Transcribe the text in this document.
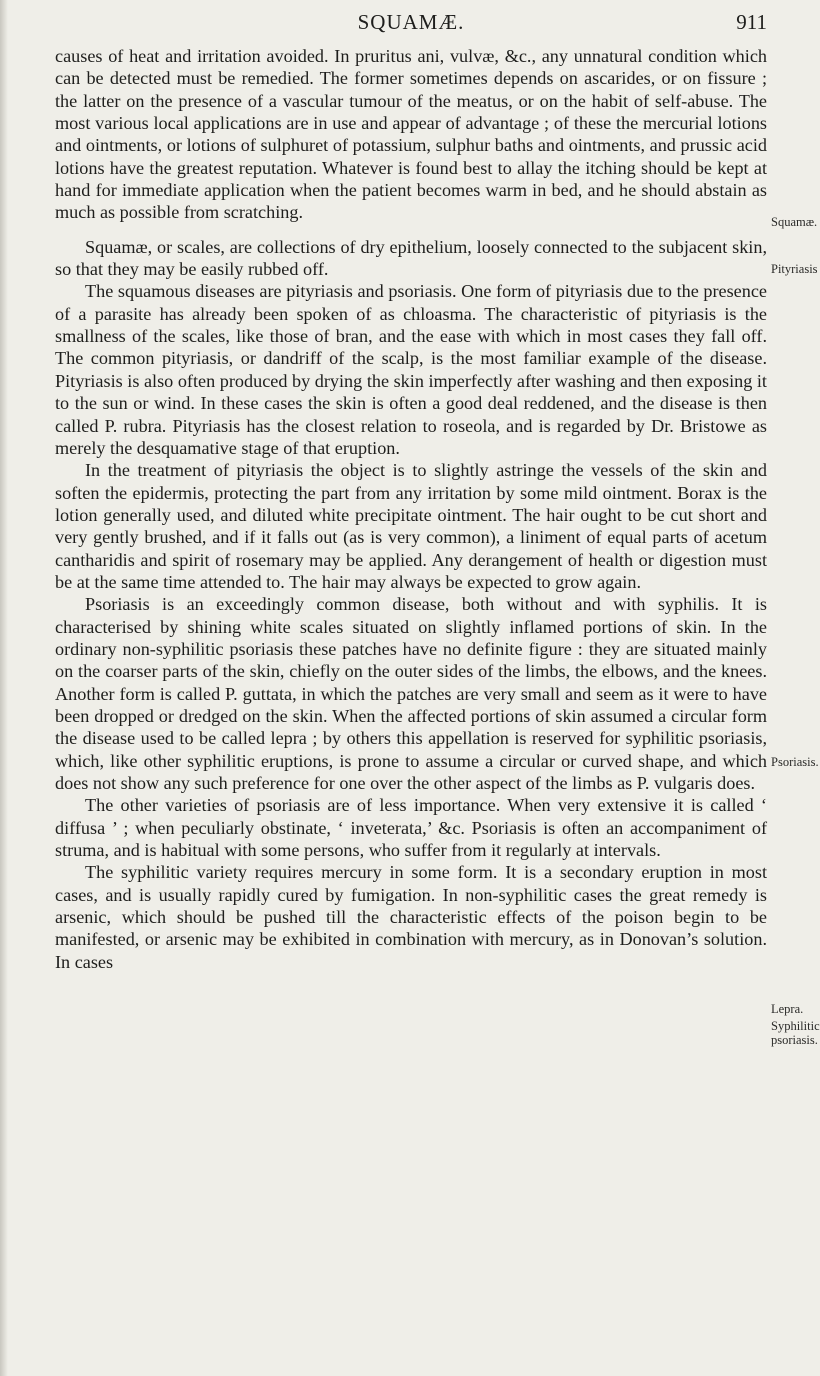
SQUAMÆ.	911

causes of heat and irritation avoided. In pruritus ani, vulvæ, &c., any unnatural condition which can be detected must be remedied. The former sometimes depends on ascarides, or on fissure ; the latter on the presence of a vascular tumour of the meatus, or on the habit of self-abuse. The most various local applications are in use and appear of advantage ; of these the mercurial lotions and ointments, or lotions of sulphuret of potassium, sulphur baths and ointments, and prussic acid lotions have the greatest reputation. Whatever is found best to allay the itching should be kept at hand for immediate application when the patient becomes warm in bed, and he should abstain as much as possible from scratching.

Squamæ, or scales, are collections of dry epithelium, loosely connected to the subjacent skin, so that they may be easily rubbed off.

The squamous diseases are pityriasis and psoriasis. One form of pityriasis due to the presence of a parasite has already been spoken of as chloasma. The characteristic of pityriasis is the smallness of the scales, like those of bran, and the ease with which in most cases they fall off. The common pityriasis, or dandriff of the scalp, is the most familiar example of the disease. Pityriasis is also often produced by drying the skin imperfectly after washing and then exposing it to the sun or wind. In these cases the skin is often a good deal reddened, and the disease is then called P. rubra. Pityriasis has the closest relation to roseola, and is regarded by Dr. Bristowe as merely the desquamative stage of that eruption.

In the treatment of pityriasis the object is to slightly astringe the vessels of the skin and soften the epidermis, protecting the part from any irritation by some mild ointment. Borax is the lotion generally used, and diluted white precipitate ointment. The hair ought to be cut short and very gently brushed, and if it falls out (as is very common), a liniment of equal parts of acetum cantharidis and spirit of rosemary may be applied. Any derangement of health or digestion must be at the same time attended to. The hair may always be expected to grow again.

Psoriasis is an exceedingly common disease, both without and with syphilis. It is characterised by shining white scales situated on slightly inflamed portions of skin. In the ordinary non-syphilitic psoriasis these patches have no definite figure : they are situated mainly on the coarser parts of the skin, chiefly on the outer sides of the limbs, the elbows, and the knees. Another form is called P. guttata, in which the patches are very small and seem as it were to have been dropped or dredged on the skin. When the affected portions of skin assumed a circular form the disease used to be called lepra ; by others this appellation is reserved for syphilitic psoriasis, which, like other syphilitic eruptions, is prone to assume a circular or curved shape, and which does not show any such preference for one over the other aspect of the limbs as P. vulgaris does.

The other varieties of psoriasis are of less importance. When very extensive it is called ‘ diffusa ’ ; when peculiarly obstinate, ‘ inveterata,’ &c. Psoriasis is often an accompaniment of struma, and is habitual with some persons, who suffer from it regularly at intervals.

The syphilitic variety requires mercury in some form. It is a secondary eruption in most cases, and is usually rapidly cured by fumigation. In non-syphilitic cases the great remedy is arsenic, which should be pushed till the characteristic effects of the poison begin to be manifested, or arsenic may be exhibited in combination with mercury, as in Donovan’s solution. In cases

Squamæ.
Pityriasis
Psoriasis.
Lepra.
Syphilitic
psoriasis.
